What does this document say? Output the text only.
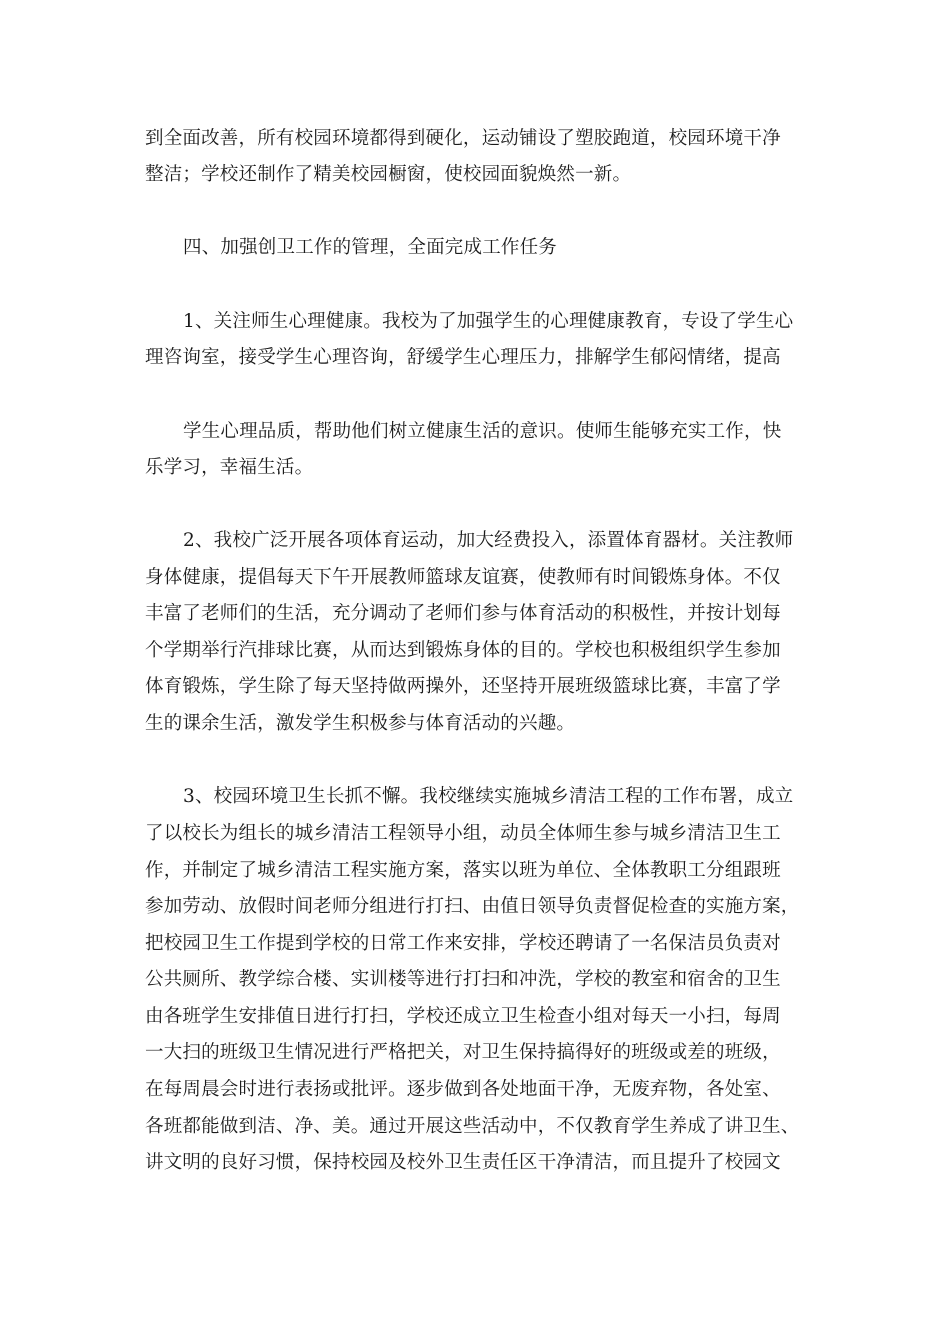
到全面改善，所有校园环境都得到硬化，运动铺设了塑胶跑道，校园环境干净
整洁；学校还制作了精美校园橱窗，使校园面貌焕然一新。
四、加强创卫工作的管理，全面完成工作任务
1、关注师生心理健康。我校为了加强学生的心理健康教育，专设了学生心
理咨询室，接受学生心理咨询，舒缓学生心理压力，排解学生郁闷情绪，提高
学生心理品质，帮助他们树立健康生活的意识。使师生能够充实工作，快
乐学习，幸福生活。
2、我校广泛开展各项体育运动，加大经费投入，添置体育器材。关注教师
身体健康，提倡每天下午开展教师篮球友谊赛，使教师有时间锻炼身体。不仅
丰富了老师们的生活，充分调动了老师们参与体育活动的积极性，并按计划每
个学期举行汽排球比赛，从而达到锻炼身体的目的。学校也积极组织学生参加
体育锻炼，学生除了每天坚持做两操外，还坚持开展班级篮球比赛，丰富了学
生的课余生活，激发学生积极参与体育活动的兴趣。
3、校园环境卫生长抓不懈。我校继续实施城乡清洁工程的工作布署，成立
了以校长为组长的城乡清洁工程领导小组，动员全体师生参与城乡清洁卫生工
作，并制定了城乡清洁工程实施方案，落实以班为单位、全体教职工分组跟班
参加劳动、放假时间老师分组进行打扫、由值日领导负责督促检查的实施方案，
把校园卫生工作提到学校的日常工作来安排，学校还聘请了一名保洁员负责对
公共厕所、教学综合楼、实训楼等进行打扫和冲洗，学校的教室和宿舍的卫生
由各班学生安排值日进行打扫，学校还成立卫生检查小组对每天一小扫，每周
一大扫的班级卫生情况进行严格把关，对卫生保持搞得好的班级或差的班级，
在每周晨会时进行表扬或批评。逐步做到各处地面干净，无废弃物，各处室、
各班都能做到洁、净、美。通过开展这些活动中，不仅教育学生养成了讲卫生、
讲文明的良好习惯，保持校园及校外卫生责任区干净清洁，而且提升了校园文
